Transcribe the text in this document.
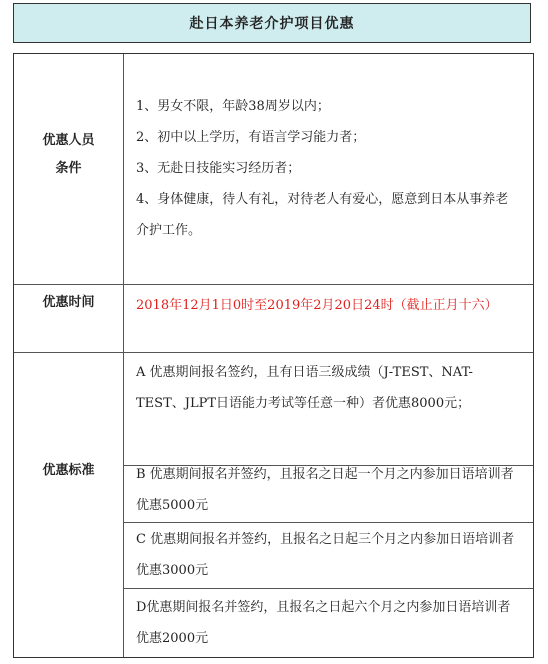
赴日本养老介护项目优惠
优惠人员
条件

1、男女不限，年龄38周岁以内；

2、初中以上学历，有语言学习能力者；

3、无赴日技能实习经历者；

4、身体健康，待人有礼，对待老人有爱心，愿意到日本从事养老介护工作。

优惠时间	2018年12月1日0时至2019年2月20日24时（截止正月十六）
优惠标准
A 优惠期间报名签约，且有日语三级成绩（J-TEST、NAT-TEST、JLPT日语能力考试等任意一种）者优惠8000元；
B 优惠期间报名并签约，且报名之日起一个月之内参加日语培训者优惠5000元
C 优惠期间报名并签约，且报名之日起三个月之内参加日语培训者优惠3000元
D优惠期间报名并签约，且报名之日起六个月之内参加日语培训者优惠2000元
